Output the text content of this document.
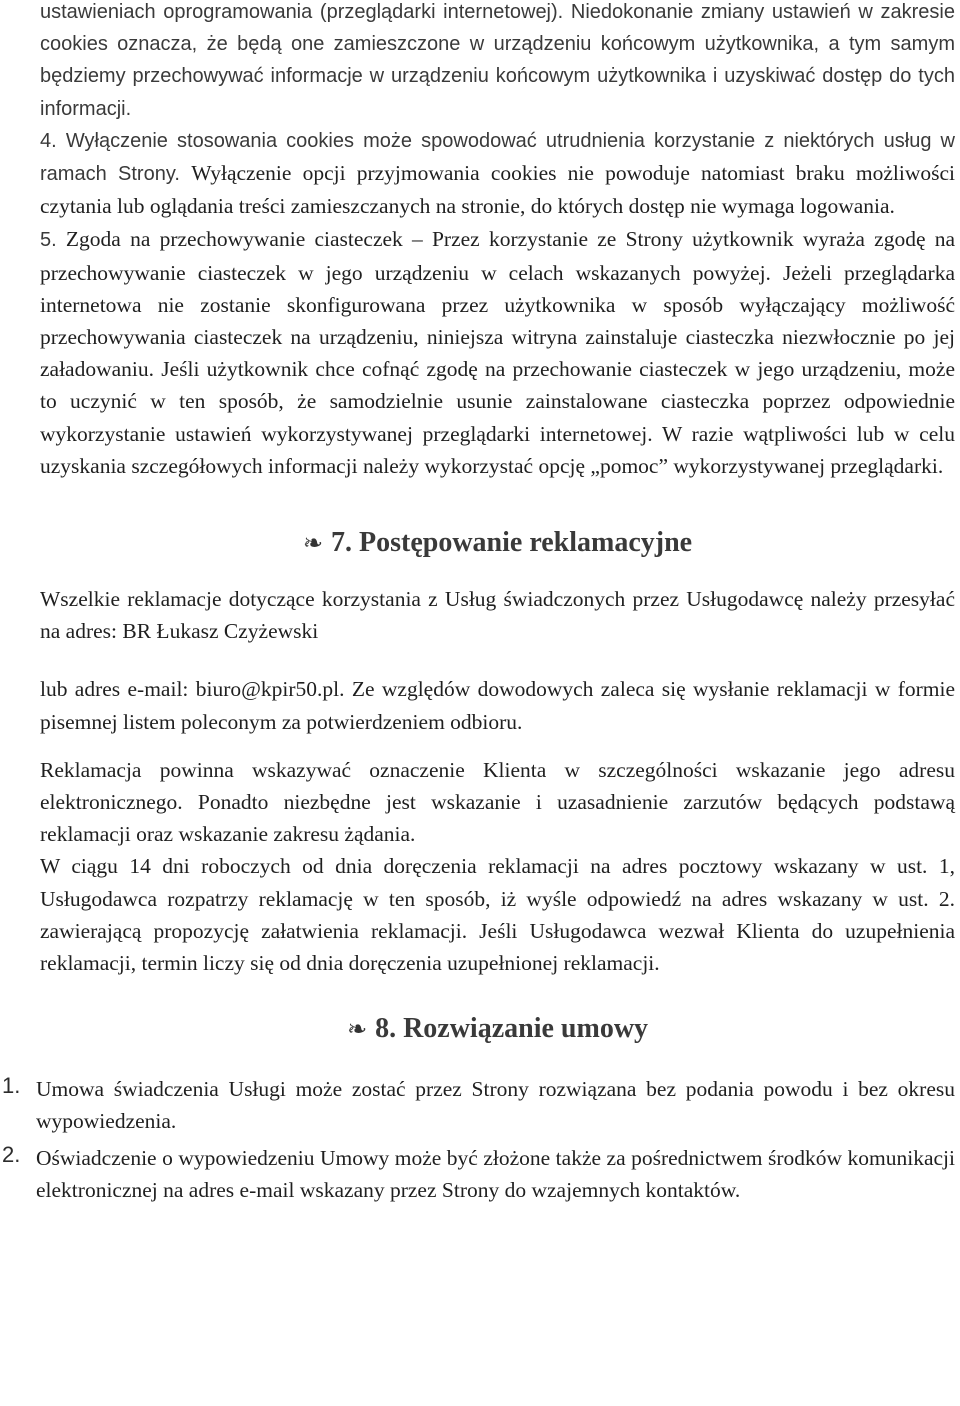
ustawieniach oprogramowania (przeglądarki internetowej). Niedokonanie zmiany ustawień w zakresie cookies oznacza, że będą one zamieszczone w urządzeniu końcowym użytkownika, a tym samym będziemy przechowywać informacje w urządzeniu końcowym użytkownika i uzyskiwać dostęp do tych informacji.

4. Wyłączenie stosowania cookies może spowodować utrudnienia korzystanie z niektórych usług w ramach Strony. Wyłączenie opcji przyjmowania cookies nie powoduje natomiast braku możliwości czytania lub oglądania treści zamieszczanych na stronie, do których dostęp nie wymaga logowania.

5. Zgoda na przechowywanie ciasteczek – Przez korzystanie ze Strony użytkownik wyraża zgodę na przechowywanie ciasteczek w jego urządzeniu w celach wskazanych powyżej. Jeżeli przeglądarka internetowa nie zostanie skonfigurowana przez użytkownika w sposób wyłączający możliwość przechowywania ciasteczek na urządzeniu, niniejsza witryna zainstaluje ciasteczka niezwłocznie po jej załadowaniu. Jeśli użytkownik chce cofnąć zgodę na przechowanie ciasteczek w jego urządzeniu, może to uczynić w ten sposób, że samodzielnie usunie zainstalowane ciasteczka poprzez odpowiednie wykorzystanie ustawień wykorzystywanej przeglądarki internetowej. W razie wątpliwości lub w celu uzyskania szczegółowych informacji należy wykorzystać opcję „pomoc” wykorzystywanej przeglądarki.

❧ 7. Postępowanie reklamacyjne

Wszelkie reklamacje dotyczące korzystania z Usług świadczonych przez Usługodawcę należy przesyłać na adres: BR Łukasz Czyżewski

lub adres e-mail: biuro@kpir50.pl. Ze względów dowodowych zaleca się wysłanie reklamacji w formie pisemnej listem poleconym za potwierdzeniem odbioru.

Reklamacja powinna wskazywać oznaczenie Klienta w szczególności wskazanie jego adresu elektronicznego. Ponadto niezbędne jest wskazanie i uzasadnienie zarzutów będących podstawą reklamacji oraz wskazanie zakresu żądania.

W ciągu 14 dni roboczych od dnia doręczenia reklamacji na adres pocztowy wskazany w ust. 1, Usługodawca rozpatrzy reklamację w ten sposób, iż wyśle odpowiedź na adres wskazany w ust. 2. zawierającą propozycję załatwienia reklamacji. Jeśli Usługodawca wezwał Klienta do uzupełnienia reklamacji, termin liczy się od dnia doręczenia uzupełnionej reklamacji.

❧ 8. Rozwiązanie umowy
1. Umowa świadczenia Usługi może zostać przez Strony rozwiązana bez podania powodu i bez okresu wypowiedzenia.

2. Oświadczenie o wypowiedzeniu Umowy może być złożone także za pośrednictwem środków komunikacji elektronicznej na adres e-mail wskazany przez Strony do wzajemnych kontaktów.
